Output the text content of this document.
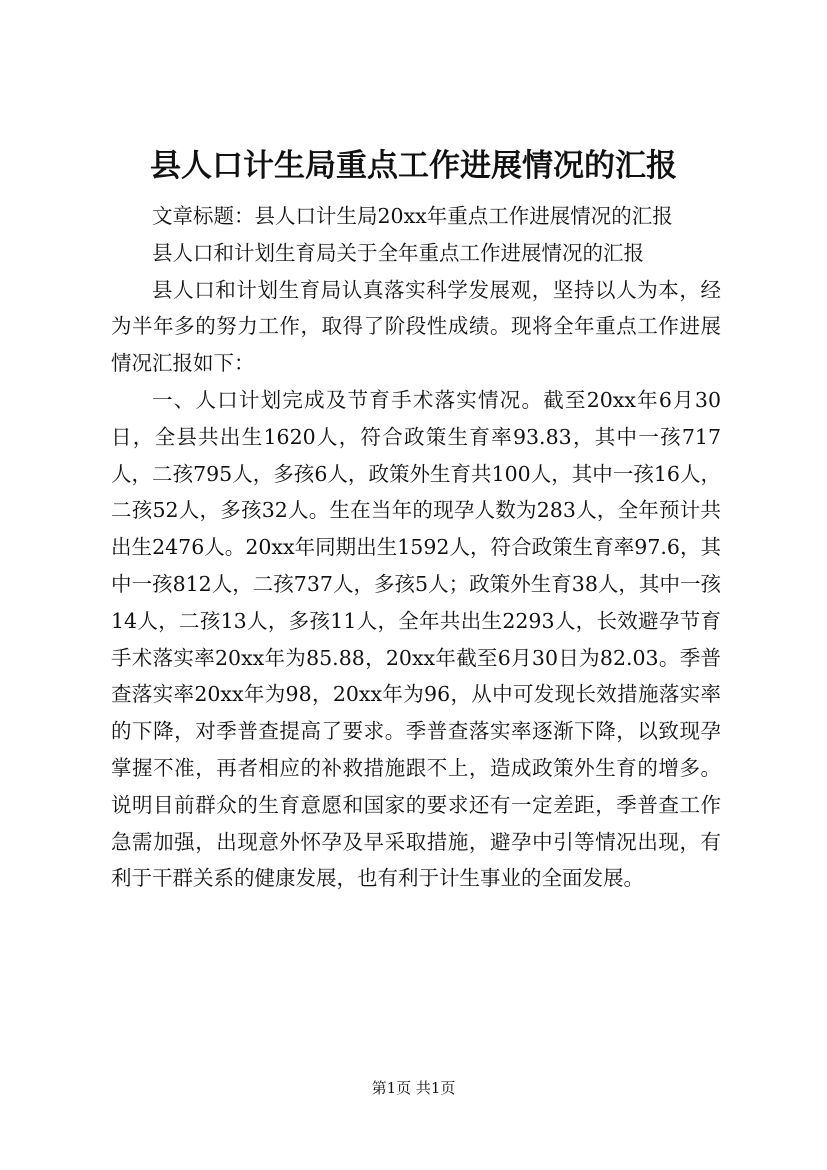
县人口计生局重点工作进展情况的汇报

文章标题：县人口计生局20xx年重点工作进展情况的汇报

县人口和计划生育局关于全年重点工作进展情况的汇报

县人口和计划生育局认真落实科学发展观，坚持以人为本，经为半年多的努力工作，取得了阶段性成绩。现将全年重点工作进展情况汇报如下：

一、人口计划完成及节育手术落实情况。截至20xx年6月30日，全县共出生1620人，符合政策生育率93.83，其中一孩717人，二孩795人，多孩6人，政策外生育共100人，其中一孩16人，二孩52人，多孩32人。生在当年的现孕人数为283人，全年预计共出生2476人。20xx年同期出生1592人，符合政策生育率97.6，其中一孩812人，二孩737人，多孩5人；政策外生育38人，其中一孩14人，二孩13人，多孩11人，全年共出生2293人，长效避孕节育手术落实率20xx年为85.88，20xx年截至6月30日为82.03。季普查落实率20xx年为98，20xx年为96，从中可发现长效措施落实率的下降，对季普查提高了要求。季普查落实率逐渐下降，以致现孕掌握不准，再者相应的补救措施跟不上，造成政策外生育的增多。说明目前群众的生育意愿和国家的要求还有一定差距，季普查工作急需加强，出现意外怀孕及早采取措施，避孕中引等情况出现，有利于干群关系的健康发展，也有利于计生事业的全面发展。

第1页 共1页
